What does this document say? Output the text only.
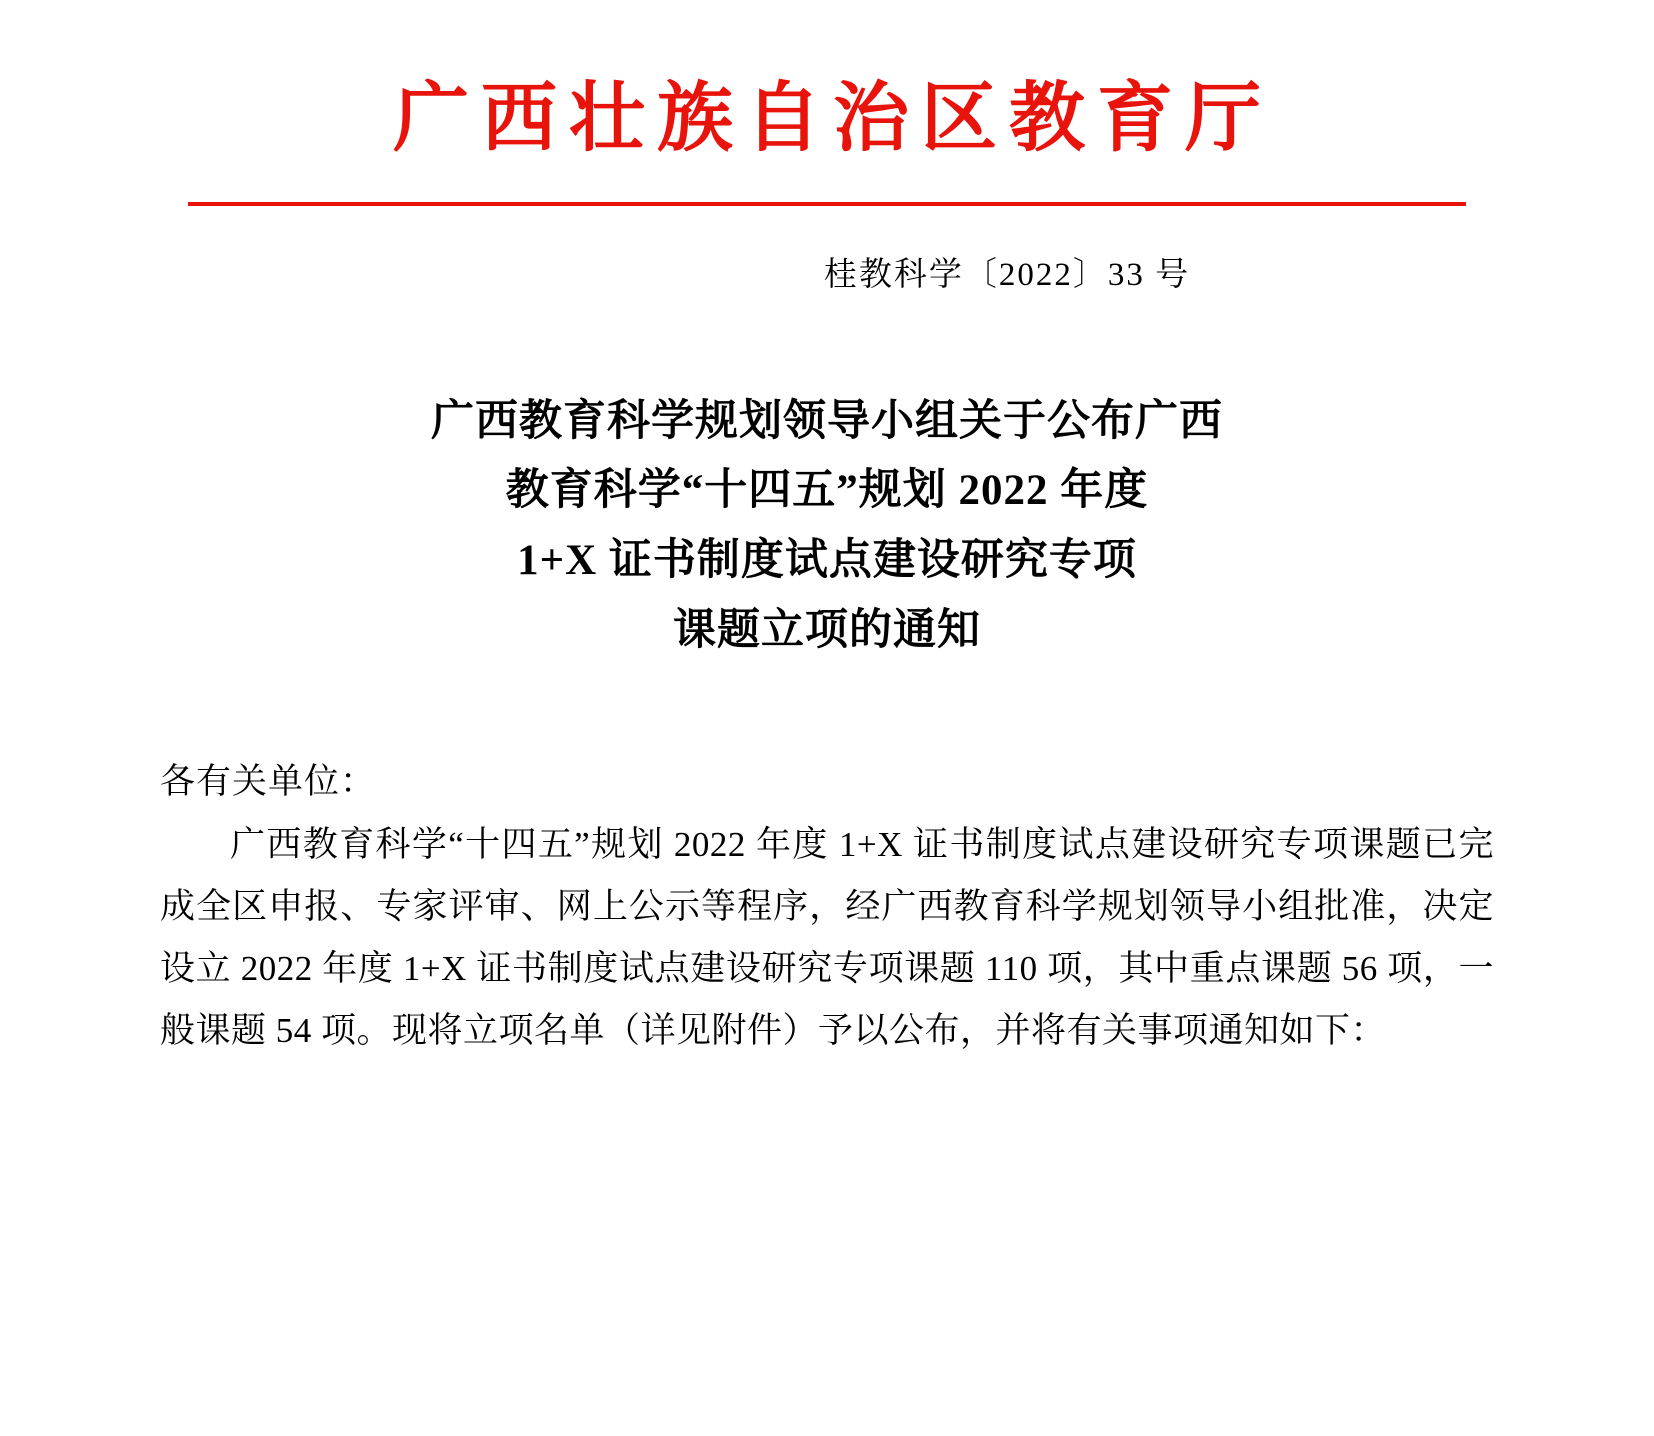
广西壮族自治区教育厅
桂教科学〔2022〕33 号
广西教育科学规划领导小组关于公布广西
教育科学“十四五”规划 2022 年度
1+X 证书制度试点建设研究专项
课题立项的通知
各有关单位：

广西教育科学“十四五”规划 2022 年度 1+X 证书制度试点建设研究专项课题已完成全区申报、专家评审、网上公示等程序，经广西教育科学规划领导小组批准，决定设立 2022 年度 1+X 证书制度试点建设研究专项课题 110 项，其中重点课题 56 项，一般课题 54 项。现将立项名单（详见附件）予以公布，并将有关事项通知如下：
